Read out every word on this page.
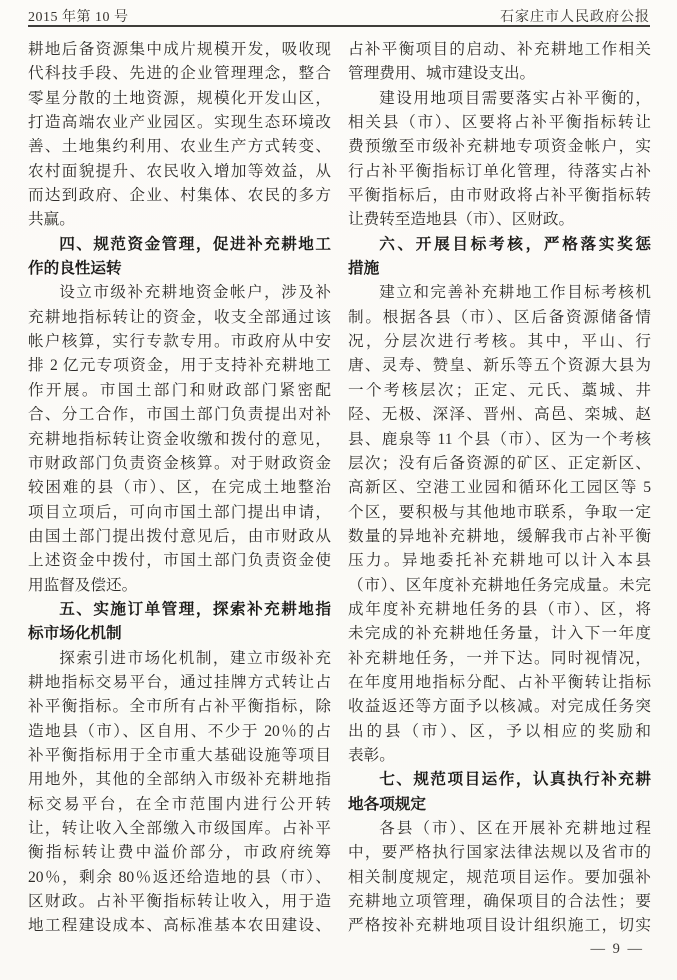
2015 年第 10 号	石家庄市人民政府公报
耕地后备资源集中成片规模开发，吸收现
代科技手段、先进的企业管理理念，整合
零星分散的土地资源，规模化开发山区，
打造高端农业产业园区。实现生态环境改
善、土地集约利用、农业生产方式转变、
农村面貌提升、农民收入增加等效益，从
而达到政府、企业、村集体、农民的多方
共赢。
四、规范资金管理，促进补充耕地工
作的良性运转
设立市级补充耕地资金帐户，涉及补
充耕地指标转让的资金，收支全部通过该
帐户核算，实行专款专用。市政府从中安
排 2 亿元专项资金，用于支持补充耕地工
作开展。市国土部门和财政部门紧密配
合、分工合作，市国土部门负责提出对补
充耕地指标转让资金收缴和拨付的意见，
市财政部门负责资金核算。对于财政资金
较困难的县（市）、区，在完成土地整治
项目立项后，可向市国土部门提出申请，
由国土部门提出拨付意见后，由市财政从
上述资金中拨付，市国土部门负责资金使
用监督及偿还。
五、实施订单管理，探索补充耕地指
标市场化机制
探索引进市场化机制，建立市级补充
耕地指标交易平台，通过挂牌方式转让占
补平衡指标。全市所有占补平衡指标，除
造地县（市）、区自用、不少于 20％的占
补平衡指标用于全市重大基础设施等项目
用地外，其他的全部纳入市级补充耕地指
标交易平台，在全市范围内进行公开转
让，转让收入全部缴入市级国库。占补平
衡指标转让费中溢价部分，市政府统筹
20％，剩余 80％返还给造地的县（市）、
区财政。占补平衡指标转让收入，用于造
地工程建设成本、高标准基本农田建设、
占补平衡项目的启动、补充耕地工作相关
管理费用、城市建设支出。
建设用地项目需要落实占补平衡的，
相关县（市）、区要将占补平衡指标转让
费预缴至市级补充耕地专项资金帐户，实
行占补平衡指标订单化管理，待落实占补
平衡指标后，由市财政将占补平衡指标转
让费转至造地县（市）、区财政。
六、开展目标考核，严格落实奖惩
措施
建立和完善补充耕地工作目标考核机
制。根据各县（市）、区后备资源储备情
况，分层次进行考核。其中，平山、行
唐、灵寿、赞皇、新乐等五个资源大县为
一个考核层次；正定、元氏、藁城、井
陉、无极、深泽、晋州、高邑、栾城、赵
县、鹿泉等 11 个县（市）、区为一个考核
层次；没有后备资源的矿区、正定新区、
高新区、空港工业园和循环化工园区等 5
个区，要积极与其他地市联系，争取一定
数量的异地补充耕地，缓解我市占补平衡
压力。异地委托补充耕地可以计入本县
（市）、区年度补充耕地任务完成量。未完
成年度补充耕地任务的县（市）、区，将
未完成的补充耕地任务量，计入下一年度
补充耕地任务，一并下达。同时视情况，
在年度用地指标分配、占补平衡转让指标
收益返还等方面予以核减。对完成任务突
出的县（市）、区，予以相应的奖励和
表彰。
七、规范项目运作，认真执行补充耕
地各项规定
各县（市）、区在开展补充耕地过程
中，要严格执行国家法律法规以及省市的
相关制度规定，规范项目运作。要加强补
充耕地立项管理，确保项目的合法性；要
严格按补充耕地项目设计组织施工，切实
— 9 —
